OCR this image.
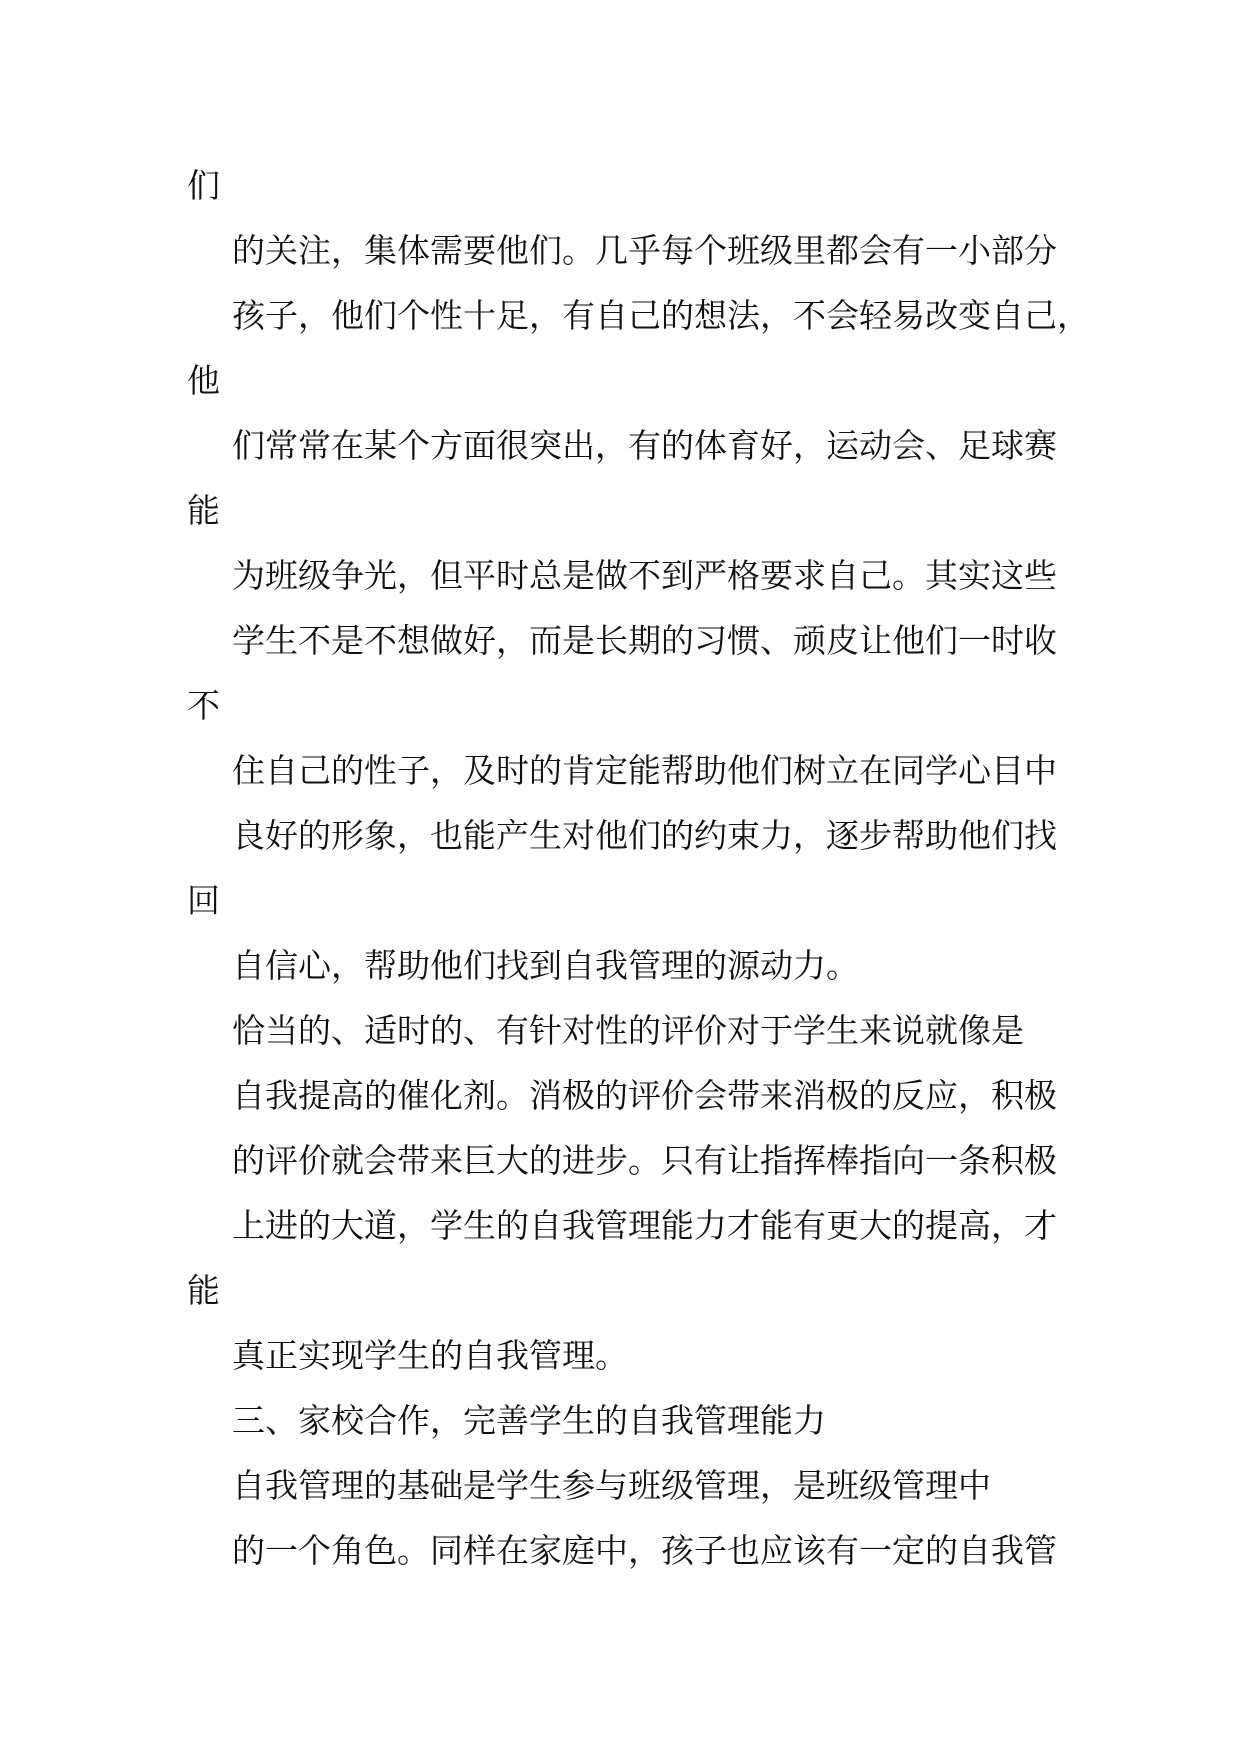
们
的关注，集体需要他们。几乎每个班级里都会有一小部分
孩子，他们个性十足，有自己的想法，不会轻易改变自己，
他
们常常在某个方面很突出，有的体育好，运动会、足球赛
能
为班级争光，但平时总是做不到严格要求自己。其实这些
学生不是不想做好，而是长期的习惯、顽皮让他们一时收
不
住自己的性子，及时的肯定能帮助他们树立在同学心目中
良好的形象，也能产生对他们的约束力，逐步帮助他们找
回
自信心，帮助他们找到自我管理的源动力。
恰当的、适时的、有针对性的评价对于学生来说就像是
自我提高的催化剂。消极的评价会带来消极的反应，积极
的评价就会带来巨大的进步。只有让指挥棒指向一条积极
上进的大道，学生的自我管理能力才能有更大的提高，才
能
真正实现学生的自我管理。
三、家校合作，完善学生的自我管理能力
自我管理的基础是学生参与班级管理，是班级管理中
的一个角色。同样在家庭中，孩子也应该有一定的自我管
